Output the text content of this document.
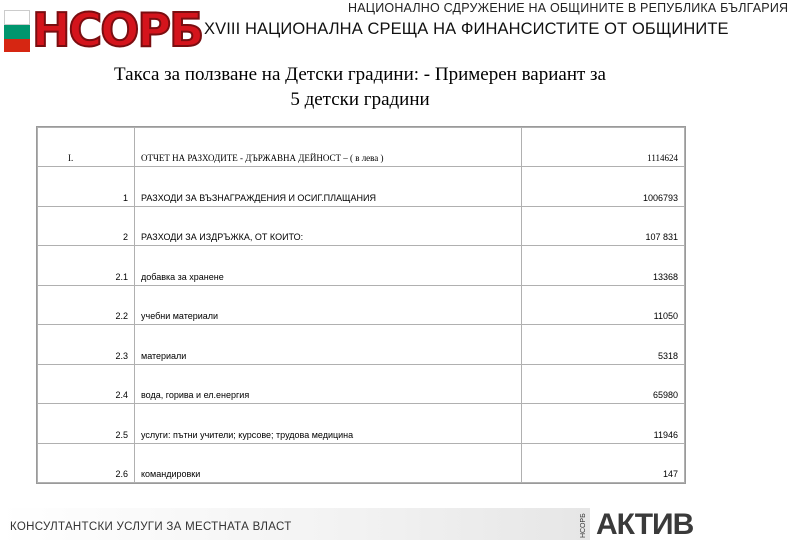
НСОРБ	НАЦИОНАЛНО СДРУЖЕНИЕ НА ОБЩИНИТЕ В РЕПУБЛИКА БЪЛГАРИЯ
XVIII НАЦИОНАЛНА СРЕЩА НА ФИНАНСИСТИТЕ ОТ ОБЩИНИТЕ
Такса за ползване на Детски градини: - Примерен вариант за
5 детски градини
I.	ОТЧЕТ НА РАЗХОДИТЕ - ДЪРЖАВНА ДЕЙНОСТ – ( в лева )	1114624
1	РАЗХОДИ ЗА ВЪЗНАГРАЖДЕНИЯ И ОСИГ.ПЛАЩАНИЯ	1006793
2	РАЗХОДИ ЗА ИЗДРЪЖКА, ОТ КОИТО:	107 831
2.1	добавка за хранене	13368
2.2	учебни материали	11050
2.3	материали	5318
2.4	вода, горива и ел.енергия	65980
2.5	услуги: пътни учители; курсове; трудова медицина	11946
2.6	командировки	147
КОНСУЛТАНТСКИ УСЛУГИ ЗА МЕСТНАТА ВЛАСТ	НСОРБ АКТИВ
